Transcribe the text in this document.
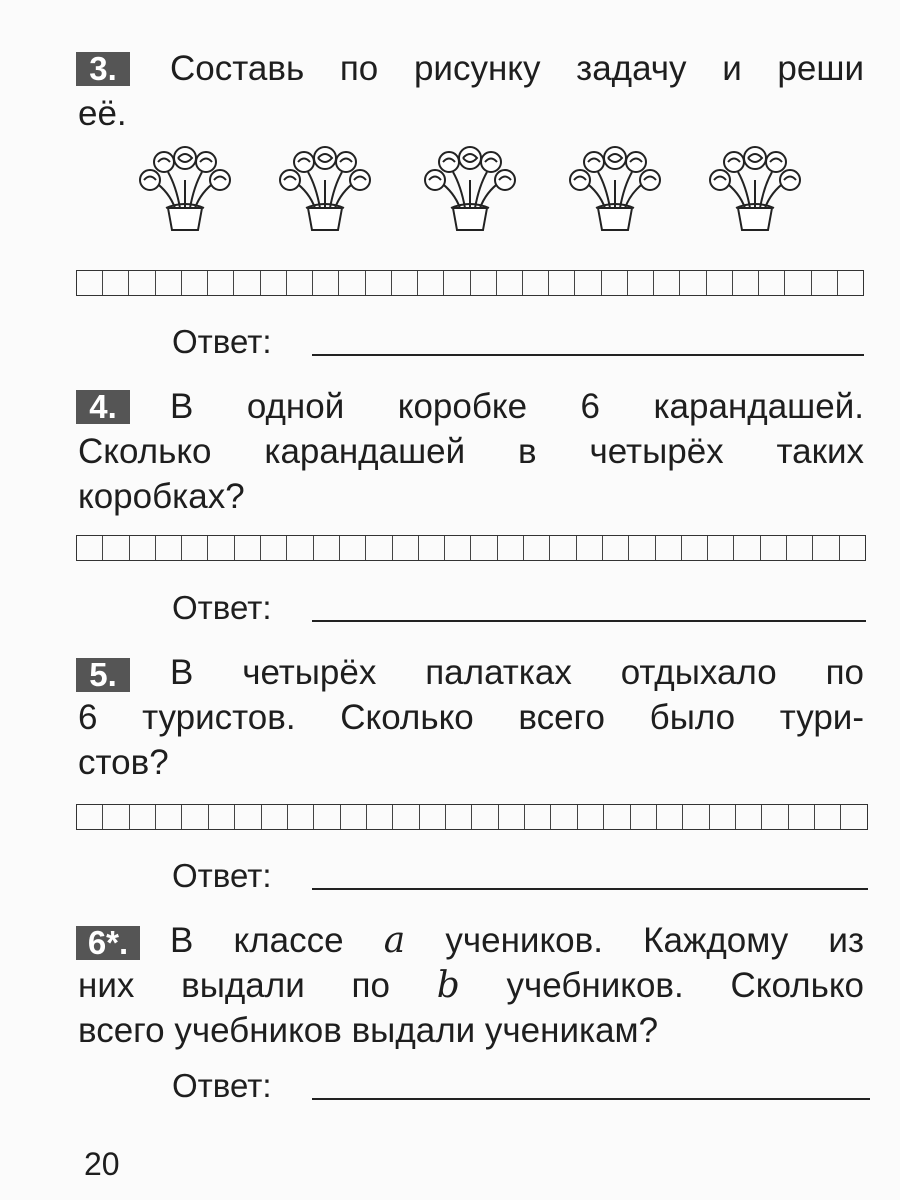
3.	Составь по рисунку задачу и реши
её.
Ответ:
4.	В одной коробке 6 карандашей.
Сколько карандашей в четырёх таких
коробках?
Ответ:
5.	В четырёх палатках отдыхало по
6 туристов. Сколько всего было тури-
стов?
Ответ:
6*.	В классе a учеников. Каждому из
них выдали по b учебников. Сколько
всего учебников выдали ученикам?
Ответ:
20
